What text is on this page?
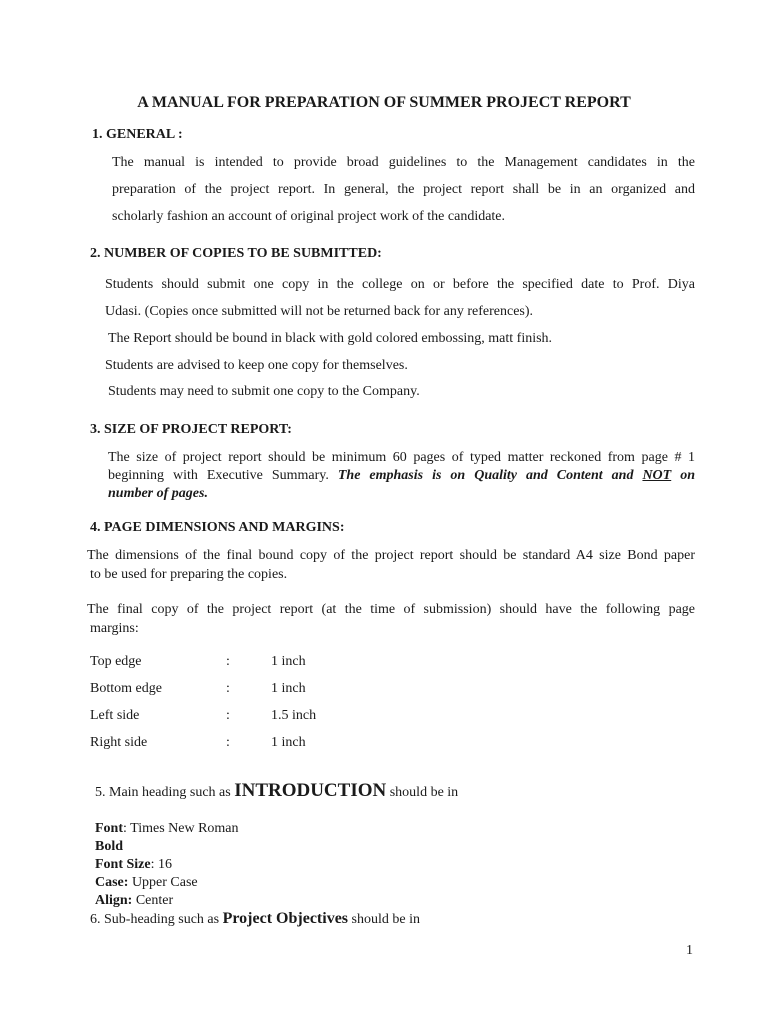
A MANUAL FOR PREPARATION OF SUMMER PROJECT REPORT

1. GENERAL :

The manual is intended to provide broad guidelines to the Management candidates in the

preparation of the project report. In general, the project report shall be in an organized and

scholarly fashion an account of original project work of the candidate.

2. NUMBER OF COPIES TO BE SUBMITTED:

Students should submit one copy in the college on or before the specified date to Prof. Diya

Udasi. (Copies once submitted will not be returned back for any references).

The Report should be bound in black with gold colored embossing, matt finish.

Students are advised to keep one copy for themselves.

Students may need to submit one copy to the Company.

3. SIZE OF PROJECT REPORT:

The size of project report should be minimum 60 pages of typed matter reckoned from page # 1

beginning with Executive Summary. The emphasis is on Quality and Content and NOT on

number of pages.

4. PAGE DIMENSIONS AND MARGINS:

The dimensions of the final bound copy of the project report should be standard A4 size Bond paper

to be used for preparing the copies.

The final copy of the project report (at the time of submission) should have the following page

margins:

Top edge	:	1 inch

Bottom edge	:	1 inch

Left side	:	1.5 inch

Right side	:	1 inch

5. Main heading such as INTRODUCTION should be in

Font: Times New Roman

Bold

Font Size: 16

Case: Upper Case

Align: Center

6. Sub-heading such as Project Objectives should be in

1
